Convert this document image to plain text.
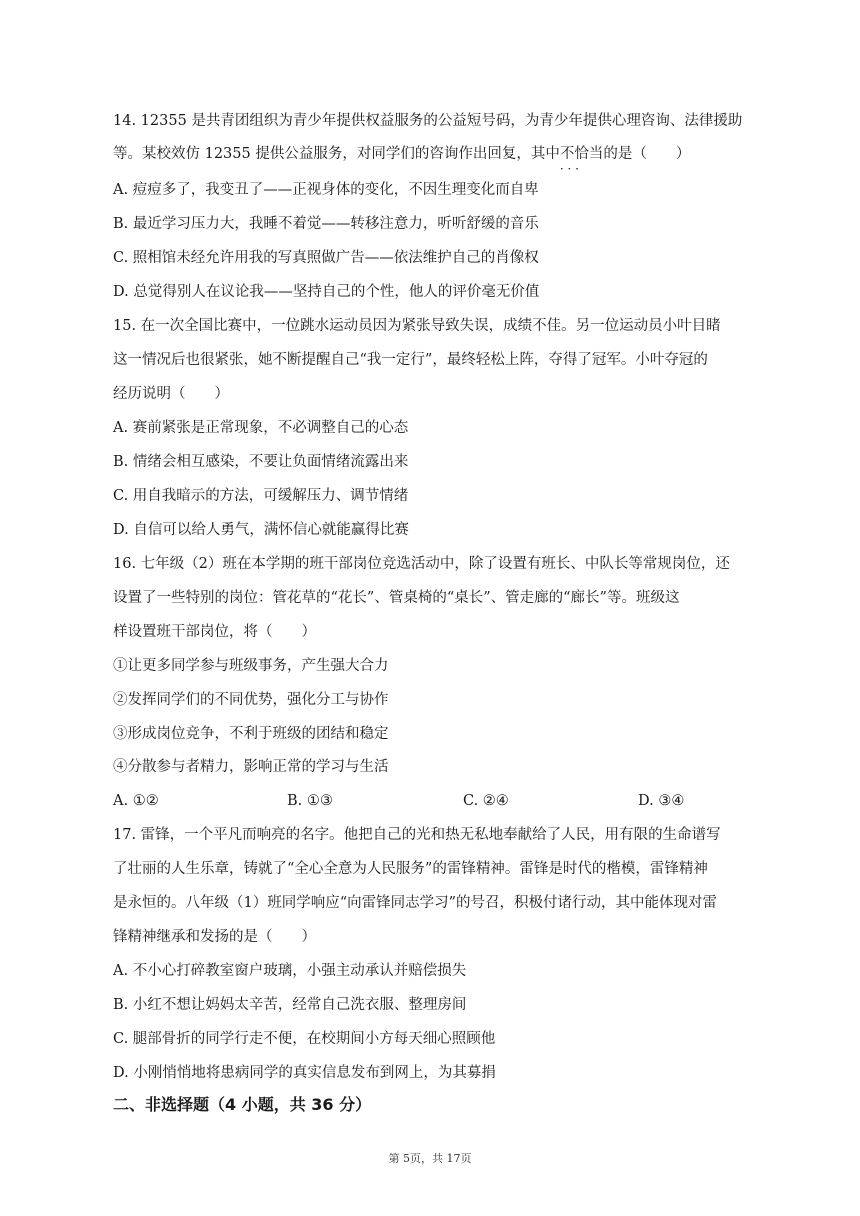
14. 12355 是共青团组织为青少年提供权益服务的公益短号码，为青少年提供心理咨询、法律援助
等。某校效仿 12355 提供公益服务，对同学们的咨询作出回复，其中不恰当 · · ·的是（　　）
A. 痘痘多了，我变丑了——正视身体的变化，不因生理变化而自卑
B. 最近学习压力大，我睡不着觉——转移注意力，听听舒缓的音乐
C. 照相馆未经允许用我的写真照做广告——依法维护自己的肖像权
D. 总觉得别人在议论我——坚持自己的个性，他人的评价毫无价值
15. 在一次全国比赛中，一位跳水运动员因为紧张导致失误，成绩不佳。另一位运动员小叶目睹
这一情况后也很紧张，她不断提醒自己“我一定行”，最终轻松上阵，夺得了冠军。小叶夺冠的
经历说明（　　）
A. 赛前紧张是正常现象，不必调整自己的心态
B. 情绪会相互感染，不要让负面情绪流露出来
C. 用自我暗示的方法，可缓解压力、调节情绪
D. 自信可以给人勇气，满怀信心就能赢得比赛
16. 七年级（2）班在本学期的班干部岗位竞选活动中，除了设置有班长、中队长等常规岗位，还
设置了一些特别的岗位：管花草的“花长”、管桌椅的“桌长”、管走廊的“廊长”等。班级这
样设置班干部岗位，将（　　）
①让更多同学参与班级事务，产生强大合力
②发挥同学们的不同优势，强化分工与协作
③形成岗位竞争，不利于班级的团结和稳定
④分散参与者精力，影响正常的学习与生活
A. ①②	B. ①③	C. ②④	D. ③④
17. 雷锋，一个平凡而响亮的名字。他把自己的光和热无私地奉献给了人民，用有限的生命谱写
了壮丽的人生乐章，铸就了“全心全意为人民服务”的雷锋精神。雷锋是时代的楷模，雷锋精神
是永恒的。八年级（1）班同学响应“向雷锋同志学习”的号召，积极付诸行动，其中能体现对雷
锋精神继承和发扬的是（　　）
A. 不小心打碎教室窗户玻璃，小强主动承认并赔偿损失
B. 小红不想让妈妈太辛苦，经常自己洗衣服、整理房间
C. 腿部骨折的同学行走不便，在校期间小方每天细心照顾他
D. 小刚悄悄地将患病同学的真实信息发布到网上，为其募捐
二、非选择题（4 小题，共 36 分）
第 5页，共 17页
